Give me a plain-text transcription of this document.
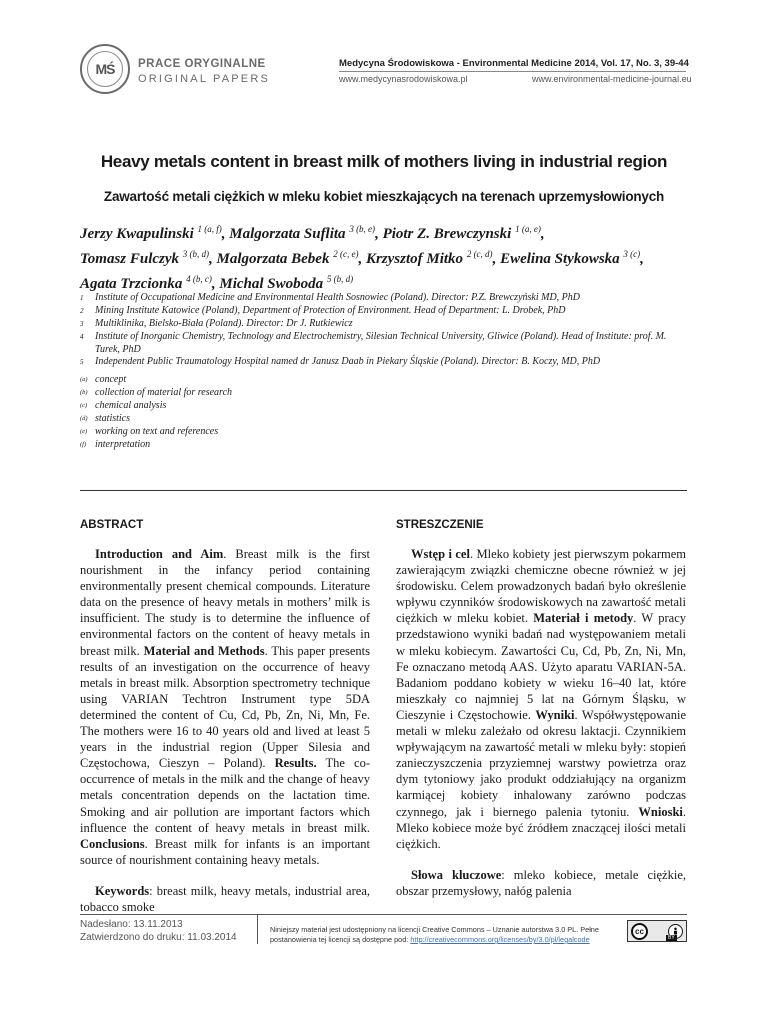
MŚ PRACE ORYGINALNE
ORIGINAL PAPERS
Medycyna Środowiskowa - Environmental Medicine 2014, Vol. 17, No. 3, 39-44
www.medycynasrodowiskowa.pl	www.environmental-medicine-journal.eu
Heavy metals content in breast milk of mothers living in industrial region
Zawartość metali ciężkich w mleku kobiet mieszkających na terenach uprzemysłowionych
Jerzy Kwapulinski $^{1 (a, f)}$, Malgorzata Suflita $^{3 (b, e)}$, Piotr Z. Brewczynski $^{1 (a, e)}$,
Tomasz Fulczyk $^{3 (b, d)}$, Malgorzata Bebek $^{2 (c, e)}$, Krzysztof Mitko $^{2 (c, d)}$, Ewelina Stykowska $^{3 (c)}$,
Agata Trzcionka $^{4 (b, c)}$, Michal Swoboda $^{5 (b, d)}$
1 Institute of Occupational Medicine and Environmental Health Sosnowiec (Poland). Director: P.Z. Brewczyński MD, PhD
2 Mining Institute Katowice (Poland), Department of Protection of Environment. Head of Department: L. Drobek, PhD
3 Multiklinika, Bielsko-Biała (Poland). Director: Dr J. Rutkiewicz
4 Institute of Inorganic Chemistry, Technology and Electrochemistry, Silesian Technical University, Gliwice (Poland). Head of Institute: prof. M. Turek, PhD
5 Independent Public Traumatology Hospital named dr Janusz Daab in Piekary Śląskie (Poland). Director: B. Koczy, MD, PhD
(a) concept
(b) collection of material for research
(c) chemical analysis
(d) statistics
(e) working on text and references
(f) interpretation
ABSTRACT

Introduction and Aim. Breast milk is the first nourishment in the infancy period containing environmentally present chemical compounds. Literature data on the presence of heavy metals in mothers’ milk is insufficient. The study is to determine the influence of environmental factors on the content of heavy metals in breast milk. Material and Methods. This paper presents results of an investigation on the occurrence of heavy metals in breast milk. Absorption spectrometry technique using VARIAN Techtron Instrument type 5DA determined the content of Cu, Cd, Pb, Zn, Ni, Mn, Fe. The mothers were 16 to 40 years old and lived at least 5 years in the industrial region (Upper Silesia and Częstochowa, Cieszyn – Poland). Results. The co-occurrence of metals in the milk and the change of heavy metals concentration depends on the lactation time. Smoking and air pollution are important factors which influence the content of heavy metals in breast milk. Conclusions. Breast milk for infants is an important source of nourishment containing heavy metals.

Keywords: breast milk, heavy metals, industrial area, tobacco smoke

STRESZCZENIE

Wstęp i cel. Mleko kobiety jest pierwszym pokarmem zawierającym związki chemiczne obecne również w jej środowisku. Celem prowadzonych badań było określenie wpływu czynników środowiskowych na zawartość metali ciężkich w mleku kobiet. Materiał i metody. W pracy przedstawiono wyniki badań nad występowaniem metali w mleku kobiecym. Zawartości Cu, Cd, Pb, Zn, Ni, Mn, Fe oznaczano metodą AAS. Użyto aparatu VARIAN-5A. Badaniom poddano kobiety w wieku 16–40 lat, które mieszkały co najmniej 5 lat na Górnym Śląsku, w Cieszynie i Częstochowie. Wyniki. Współwystępowanie metali w mleku zależało od okresu laktacji. Czynnikiem wpływającym na zawartość metali w mleku były: stopień zanieczyszczenia przyziemnej warstwy powietrza oraz dym tytoniowy jako produkt oddziałujący na organizm karmiącej kobiety inhalowany zarówno podczas czynnego, jak i biernego palenia tytoniu. Wnioski. Mleko kobiece może być źródłem znaczącej ilości metali ciężkich.

Słowa kluczowe: mleko kobiece, metale ciężkie, obszar przemysłowy, nałóg palenia

Nadesłano: 13.11.2013
Zatwierdzono do druku: 11.03.2014
Niniejszy materiał jest udostępniony na licencji Creative Commons – Uznanie autorstwa 3.0 PL. Pełne postanowienia tej licencji są dostępne pod: http://creativecommons.org/licenses/by/3.0/pl/legalcode
cc
BY
